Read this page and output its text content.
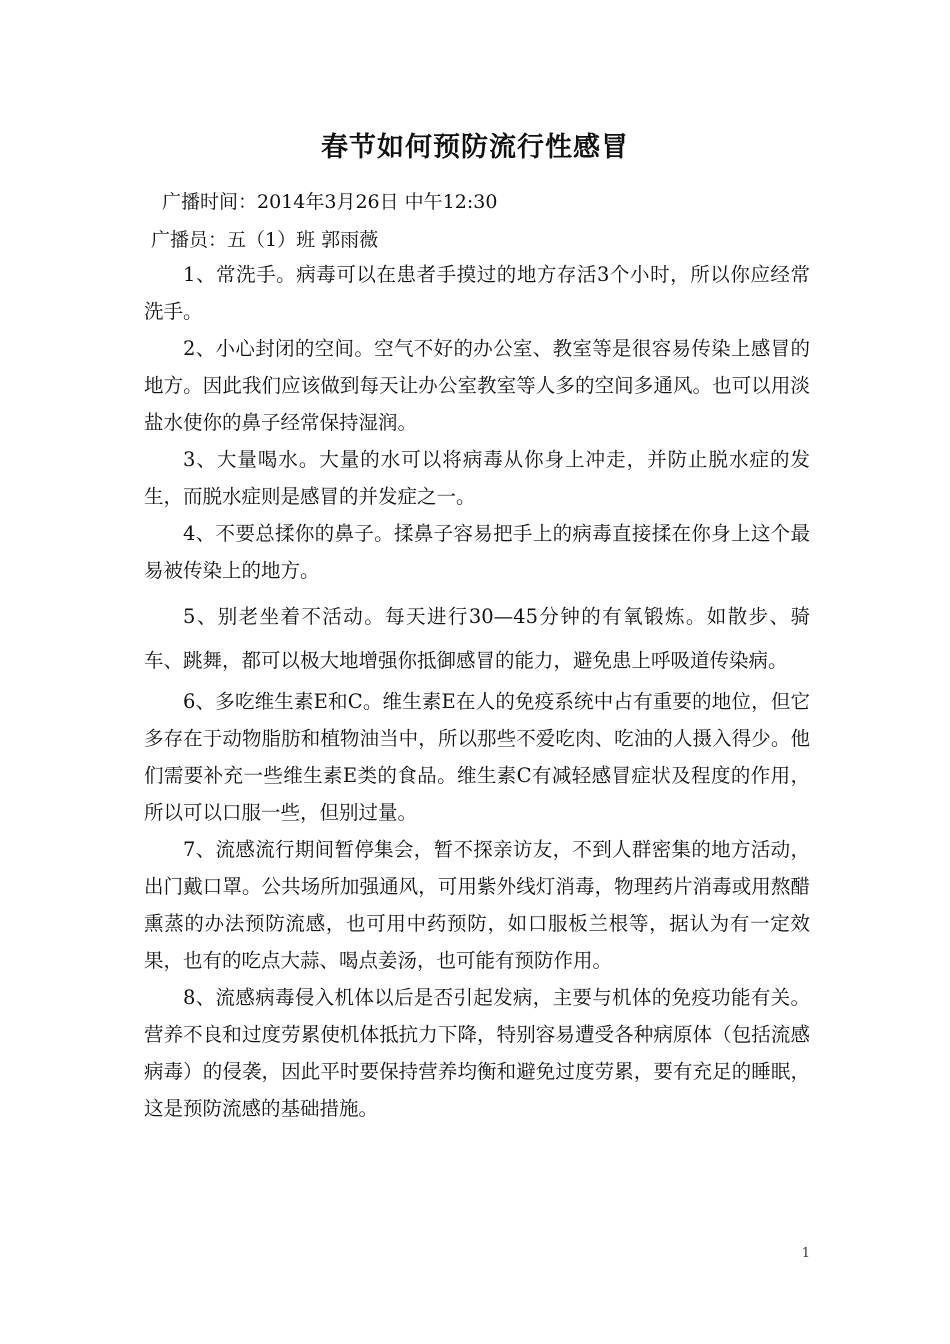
春节如何预防流行性感冒

广播时间：2014年3月26日 中午12:30

广播员：五（1）班 郭雨薇

1、常洗手。病毒可以在患者手摸过的地方存活3个小时，所以你应经常洗手。

2、小心封闭的空间。空气不好的办公室、教室等是很容易传染上感冒的地方。因此我们应该做到每天让办公室教室等人多的空间多通风。也可以用淡盐水使你的鼻子经常保持湿润。

3、大量喝水。大量的水可以将病毒从你身上冲走，并防止脱水症的发生，而脱水症则是感冒的并发症之一。

4、不要总揉你的鼻子。揉鼻子容易把手上的病毒直接揉在你身上这个最易被传染上的地方。

5、别老坐着不活动。每天进行30—45分钟的有氧锻炼。如散步、骑车、跳舞，都可以极大地增强你抵御感冒的能力，避免患上呼吸道传染病。

6、多吃维生素E和C。维生素E在人的免疫系统中占有重要的地位，但它多存在于动物脂肪和植物油当中，所以那些不爱吃肉、吃油的人摄入得少。他们需要补充一些维生素E类的食品。维生素C有减轻感冒症状及程度的作用，所以可以口服一些，但别过量。

7、流感流行期间暂停集会，暂不探亲访友，不到人群密集的地方活动，出门戴口罩。公共场所加强通风，可用紫外线灯消毒，物理药片消毒或用熬醋熏蒸的办法预防流感，也可用中药预防，如口服板兰根等，据认为有一定效果，也有的吃点大蒜、喝点姜汤，也可能有预防作用。

8、流感病毒侵入机体以后是否引起发病，主要与机体的免疫功能有关。营养不良和过度劳累使机体抵抗力下降，特别容易遭受各种病原体（包括流感病毒）的侵袭，因此平时要保持营养均衡和避免过度劳累，要有充足的睡眠，这是预防流感的基础措施。

1
